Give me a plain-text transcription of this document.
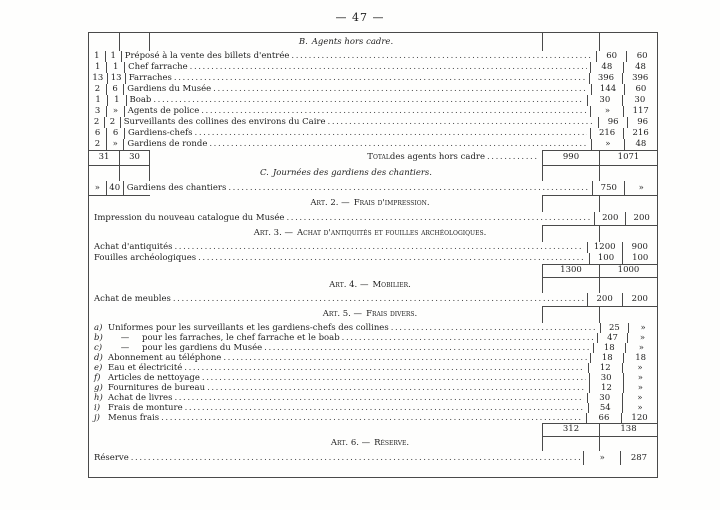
— 47 —
B. Agents hors cadre.
1	1	Préposé à la vente des billets d'entrée .....	60	60
1	1	Chef farrache .....	48	48
13 13 Farraches .....	396	396
2	6	Gardiens du Musée .....	144	60
1	1	Boab .....	30	30
3	»	Agents de police .....	»	117
2	2	Surveillants des collines des environs du Caire .....	96	96
6	6	Gardiens-chefs .....	216	216
2	»	Gardiens de ronde .....	»	48
31	30	Total des agents hors cadre .....	990	1071
C. Journées des gardiens des chantiers.
»	40 Gardiens des chantiers .....	750	»
Art. 2. — Frais d'impression.
Impression du nouveau catalogue du Musée .....	200	200
Art. 3. — Achat d'antiquités et fouilles archéologiques.
Achat d'antiquités .....	1200	900
Fouilles archéologiques .....	100	100
1300	1000
Art. 4. — Mobilier.
Achat de meubles .....	200	200
Art. 5. — Frais divers.
a) Uniformes pour les surveillants et les gardiens-chefs des collines .....	25	»
b)	—	pour les farraches, le chef farrache et le boab .....	47	»
c)	—	pour les gardiens du Musée .....	18	»
d) Abonnement au téléphone .....	18	18
e) Eau et électricité .....	12	»
f) Articles de nettoyage .....	30	»
g) Fournitures de bureau .....	12	»
h) Achat de livres .....	30	»
i) Frais de monture .....	54	»
j) Menus frais .....	66	120
312	138
Art. 6. — Réserve.
Réserve .....	»	287
